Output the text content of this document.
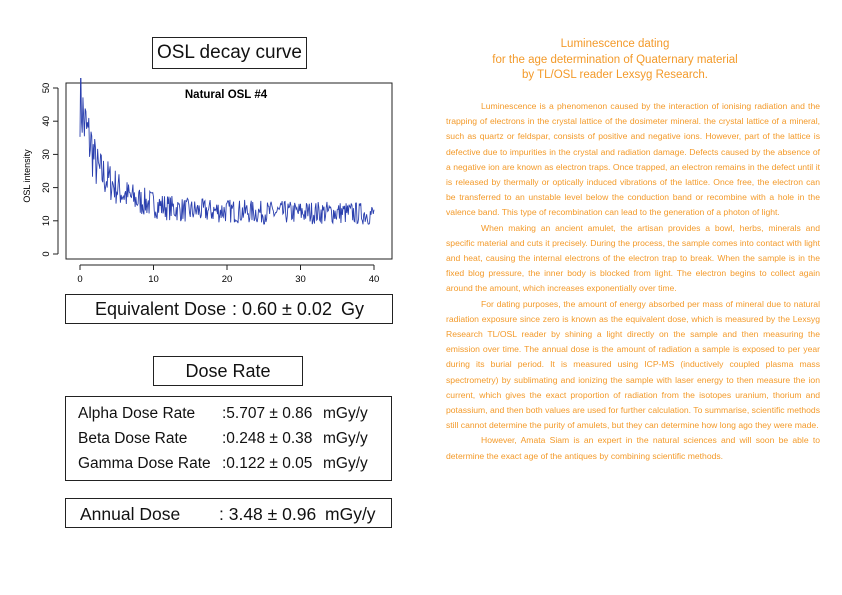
OSL decay curve
Natural OSL #4
OSL intensity
0	10	20	30	40
0
10
20
30
40
50
Equivalent Dose : 0.60 ± 0.02 Gy
Dose Rate
Alpha Dose Rate :5.707 ± 0.86 mGy/y
Beta Dose Rate :0.248 ± 0.38 mGy/y
Gamma Dose Rate :0.122 ± 0.05 mGy/y
Annual Dose : 3.48 ± 0.96 mGy/y
Luminescence dating
for the age determination of Quaternary material
by TL/OSL reader Lexsyg Research.

Luminescence is a phenomenon caused by the interaction of ionising radiation and the trapping of electrons in the crystal lattice of the dosimeter mineral. the crystal lattice of a mineral, such as quartz or feldspar, consists of positive and negative ions. However, part of the lattice is defective due to impurities in the crystal and radiation damage. Defects caused by the absence of a negative ion are known as electron traps. Once trapped, an electron remains in the defect until it is released by thermally or optically induced vibrations of the lattice. Once free, the electron can be transferred to an unstable level below the conduction band or recombine with a hole in the valence band. This type of recombination can lead to the generation of a photon of light.

When making an ancient amulet, the artisan provides a bowl, herbs, minerals and specific material and cuts it precisely. During the process, the sample comes into contact with light and heat, causing the internal electrons of the electron trap to break. When the sample is in the fixed blog pressure, the inner body is blocked from light. The electron begins to collect again around the amount, which increases exponentially over time.

For dating purposes, the amount of energy absorbed per mass of mineral due to natural radiation exposure since zero is known as the equivalent dose, which is measured by the Lexsyg Research TL/OSL reader by shining a light directly on the sample and then measuring the emission over time. The annual dose is the amount of radiation a sample is exposed to per year during its burial period. It is measured using ICP-MS (inductively coupled plasma mass spectrometry) by sublimating and ionizing the sample with laser energy to then measure the ion current, which gives the exact proportion of radiation from the isotopes uranium, thorium and potassium, and then both values are used for further calculation. To summarise, scientific methods still cannot determine the purity of amulets, but they can determine how long ago they were made.

However, Amata Siam is an expert in the natural sciences and will soon be able to determine the exact age of the antiques by combining scientific methods.
